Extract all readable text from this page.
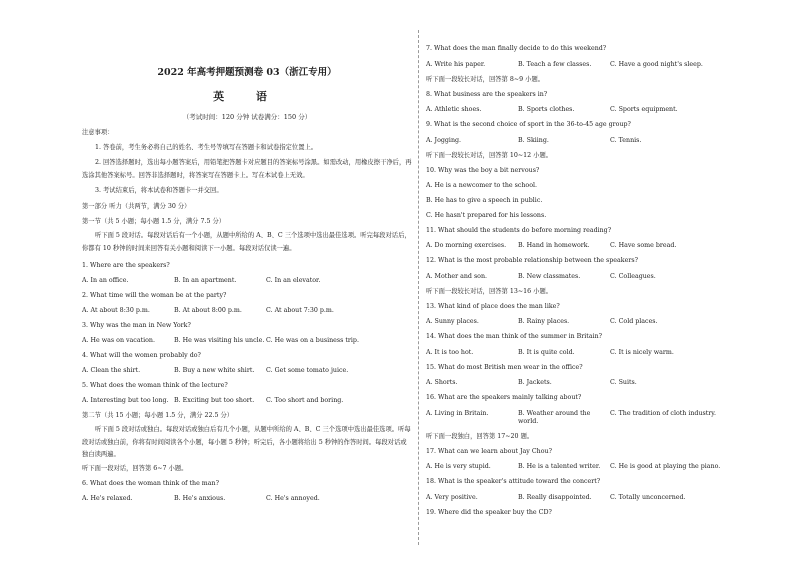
2022 年高考押题预测卷 03（浙江专用）
英 语
（考试时间：120 分钟 试卷满分：150 分）
注意事项：
1. 答卷前，考生务必将自己的姓名、考生号等填写在答题卡和试卷指定位置上。
2. 回答选择题时，选出每小题答案后，用铅笔把答题卡对应题目的答案标号涂黑。如需改动，用橡皮擦干净后，再选涂其他答案标号。回答非选择题时，将答案写在答题卡上。写在本试卷上无效。
3. 考试结束后，将本试卷和答题卡一并交回。
第一部分 听力（共两节，满分 30 分）
第一节（共 5 小题；每小题 1.5 分，满分 7.5 分）
听下面 5 段对话。每段对话后有一个小题，从题中所给的 A、B、C 三个选项中选出最佳选项。听完每段对话后，你都有 10 秒钟的时间来回答有关小题和阅读下一小题。每段对话仅读一遍。
1. Where are the speakers?
A. In an office.	B. In an apartment.	C. In an elevator.
2. What time will the woman be at the party?
A. At about 8:30 p.m.	B. At about 8:00 p.m.	C. At about 7:30 p.m.
3. Why was the man in New York?
A. He was on vacation.	B. He was visiting his uncle. C. He was on a business trip.
4. What will the women probably do?
A. Clean the shirt.	B. Buy a new white shirt.	C. Get some tomato juice.
5. What does the woman think of the lecture?
A. Interesting but too long. B. Exciting but too short.	C. Too short and boring.
第二节（共 15 小题；每小题 1.5 分，满分 22.5 分）
听下面 5 段对话或独白。每段对话或独白后有几个小题，从题中所给的 A、B、C 三个选项中选出最佳选项。听每段对话或独白前，你将有时间阅读各个小题，每小题 5 秒钟；听完后，各小题将给出 5 秒钟的作答时间。每段对话或独白读两遍。
听下面一段对话，回答第 6~7 小题。
6. What does the woman think of the man?
A. He's relaxed.	B. He's anxious.	C. He's annoyed.
7. What does the man finally decide to do this weekend?
A. Write his paper.	B. Teach a few classes.	C. Have a good night's sleep.
听下面一段较长对话，回答第 8~9 小题。
8. What business are the speakers in?
A. Athletic shoes.	B. Sports clothes.	C. Sports equipment.
9. What is the second choice of sport in the 36-to-45 age group?
A. Jogging.	B. Skiing.	C. Tennis.
听下面一段较长对话，回答第 10~12 小题。
10. Why was the boy a bit nervous?
A. He is a newcomer to the school.
B. He has to give a speech in public.
C. He hasn't prepared for his lessons.
11. What should the students do before morning reading?
A. Do morning exercises.	B. Hand in homework.	C. Have some bread.
12. What is the most probable relationship between the speakers?
A. Mother and son.	B. New classmates.	C. Colleagues.
听下面一段较长对话，回答第 13~16 小题。
13. What kind of place does the man like?
A. Sunny places.	B. Rainy places.	C. Cold places.
14. What does the man think of the summer in Britain?
A. It is too hot.	B. It is quite cold.	C. It is nicely warm.
15. What do most British men wear in the office?
A. Shorts.	B. Jackets.	C. Suits.
16. What are the speakers mainly talking about?
A. Living in Britain.	B. Weather around the world.
C. The tradition of cloth industry.
听下面一段独白，回答第 17~20 题。
17. What can we learn about Jay Chou?
A. He is very stupid.	B. He is a talented writer.	C. He is good at playing the piano.
18. What is the speaker's attitude toward the concert?
A. Very positive.	B. Really disappointed.	C. Totally unconcerned.
19. Where did the speaker buy the CD?
